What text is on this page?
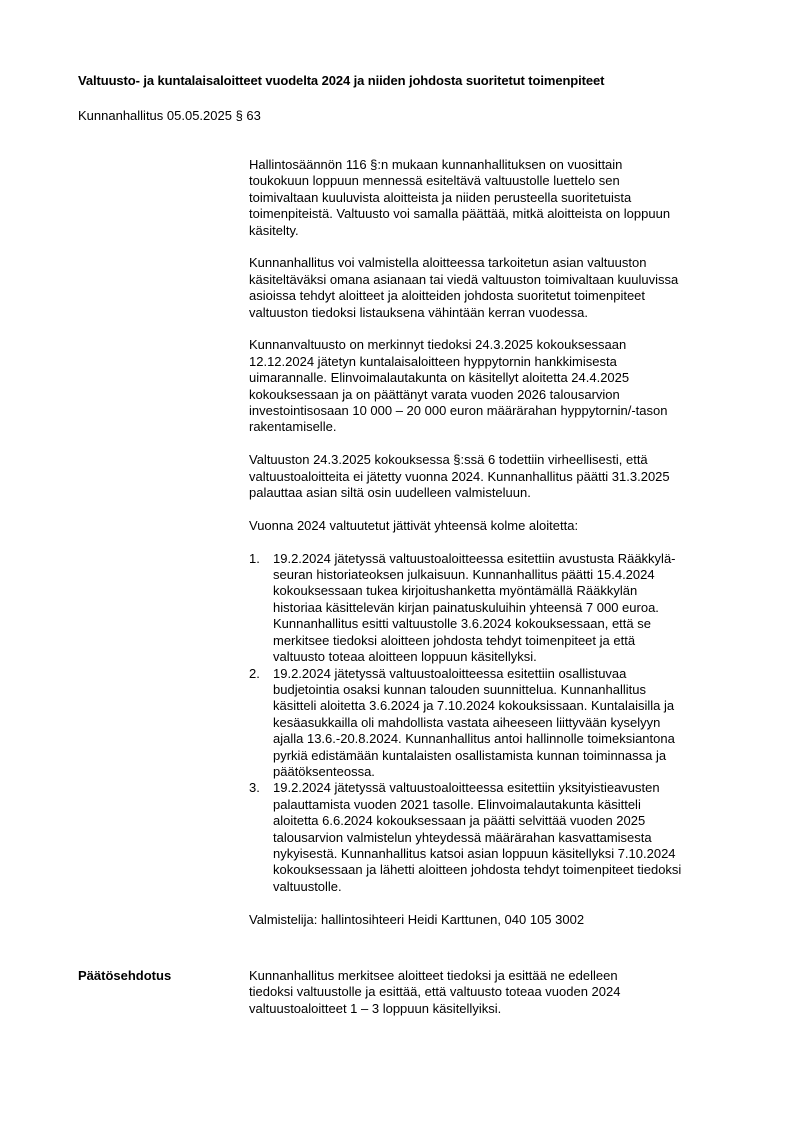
Valtuusto- ja kuntalaisaloitteet vuodelta 2024 ja niiden johdosta suoritetut toimenpiteet
Kunnanhallitus 05.05.2025 § 63

Hallintosäännön 116 §:n mukaan kunnanhallituksen on vuosittain
toukokuun loppuun mennessä esiteltävä valtuustolle luettelo sen
toimivaltaan kuuluvista aloitteista ja niiden perusteella suoritetuista
toimenpiteistä. Valtuusto voi samalla päättää, mitkä aloitteista on loppuun
käsitelty.

Kunnanhallitus voi valmistella aloitteessa tarkoitetun asian valtuuston
käsiteltäväksi omana asianaan tai viedä valtuuston toimivaltaan kuuluvissa
asioissa tehdyt aloitteet ja aloitteiden johdosta suoritetut toimenpiteet
valtuuston tiedoksi listauksena vähintään kerran vuodessa.

Kunnanvaltuusto on merkinnyt tiedoksi 24.3.2025 kokouksessaan
12.12.2024 jätetyn kuntalaisaloitteen hyppytornin hankkimisesta
uimarannalle. Elinvoimalautakunta on käsitellyt aloitetta 24.4.2025
kokouksessaan ja on päättänyt varata vuoden 2026 talousarvion
investointisosaan 10 000 – 20 000 euron määrärahan hyppytornin/-tason
rakentamiselle.

Valtuuston 24.3.2025 kokouksessa §:ssä 6 todettiin virheellisesti, että
valtuustoaloitteita ei jätetty vuonna 2024. Kunnanhallitus päätti 31.3.2025
palauttaa asian siltä osin uudelleen valmisteluun.

Vuonna 2024 valtuutetut jättivät yhteensä kolme aloitetta:

1. 19.2.2024 jätetyssä valtuustoaloitteessa esitettiin avustusta Rääkkylä-
seuran historiateoksen julkaisuun. Kunnanhallitus päätti 15.4.2024
kokouksessaan tukea kirjoitushanketta myöntämällä Rääkkylän
historiaa käsittelevän kirjan painatuskuluihin yhteensä 7 000 euroa.
Kunnanhallitus esitti valtuustolle 3.6.2024 kokouksessaan, että se
merkitsee tiedoksi aloitteen johdosta tehdyt toimenpiteet ja että
valtuusto toteaa aloitteen loppuun käsitellyksi.
2. 19.2.2024 jätetyssä valtuustoaloitteessa esitettiin osallistuvaa
budjetointia osaksi kunnan talouden suunnittelua. Kunnanhallitus
käsitteli aloitetta 3.6.2024 ja 7.10.2024 kokouksissaan. Kuntalaisilla ja
kesäasukkailla oli mahdollista vastata aiheeseen liittyvään kyselyyn
ajalla 13.6.-20.8.2024. Kunnanhallitus antoi hallinnolle toimeksiantona
pyrkiä edistämään kuntalaisten osallistamista kunnan toiminnassa ja
päätöksenteossa.
3. 19.2.2024 jätetyssä valtuustoaloitteessa esitettiin yksityistieavusten
palauttamista vuoden 2021 tasolle. Elinvoimalautakunta käsitteli
aloitetta 6.6.2024 kokouksessaan ja päätti selvittää vuoden 2025
talousarvion valmistelun yhteydessä määrärahan kasvattamisesta
nykyisestä. Kunnanhallitus katsoi asian loppuun käsitellyksi 7.10.2024
kokouksessaan ja lähetti aloitteen johdosta tehdyt toimenpiteet tiedoksi
valtuustolle.

Valmistelija: hallintosihteeri Heidi Karttunen, 040 105 3002

Päätösehdotus	Kunnanhallitus merkitsee aloitteet tiedoksi ja esittää ne edelleen
tiedoksi valtuustolle ja esittää, että valtuusto toteaa vuoden 2024
valtuustoaloitteet 1 – 3 loppuun käsitellyiksi.
